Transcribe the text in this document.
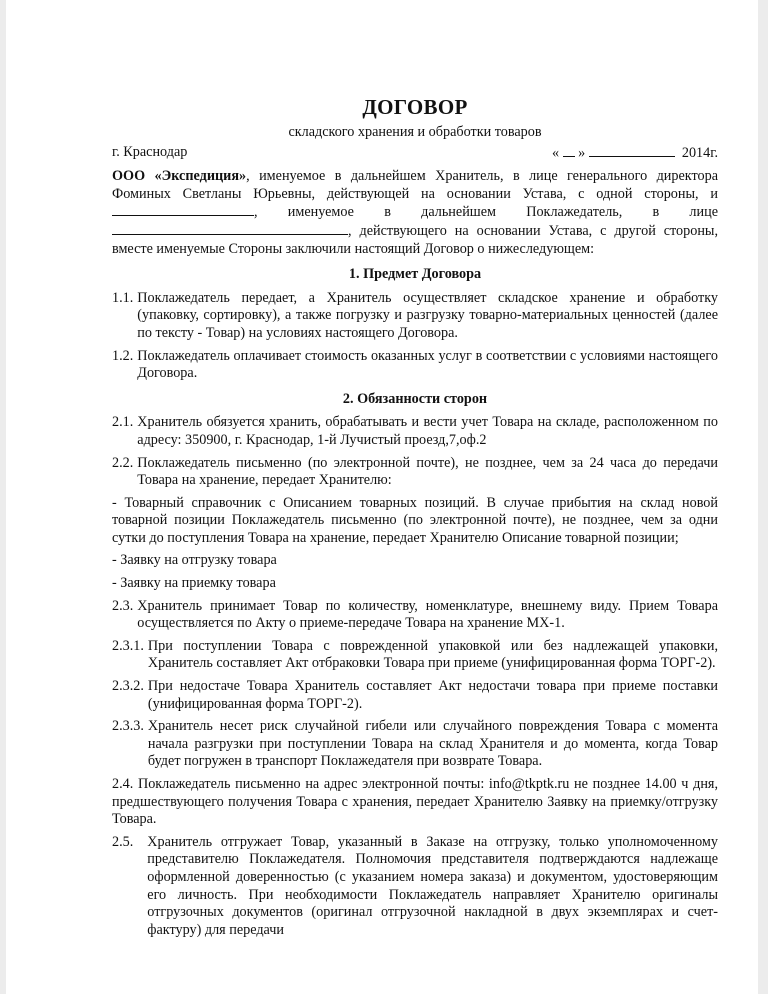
ДОГОВОР
складского хранения и обработки товаров
г. Краснодар	« »	2014г.

ООО «Экспедиция», именуемое в дальнейшем Хранитель, в лице генерального директора Фоминых Светланы Юрьевны, действующей на основании Устава, с одной стороны, и , именуемое в дальнейшем Поклажедатель, в лице , действующего на основании Устава, с другой стороны, вместе именуемые Стороны заключили настоящий Договор о нижеследующем:

1. Предмет Договора
1.1. Поклажедатель передает, а Хранитель осуществляет складское хранение и обработку (упаковку, сортировку), а также погрузку и разгрузку товарно-материальных ценностей (далее по тексту - Товар) на условиях настоящего Договора.
1.2. Поклажедатель оплачивает стоимость оказанных услуг в соответствии с условиями настоящего Договора.
2. Обязанности сторон
2.1. Хранитель обязуется хранить, обрабатывать и вести учет Товара на складе, расположенном по адресу: 350900, г. Краснодар, 1-й Лучистый проезд,7,оф.2
2.2. Поклажедатель письменно (по электронной почте), не позднее, чем за 24 часа до передачи Товара на хранение, передает Хранителю:

- Товарный справочник с Описанием товарных позиций. В случае прибытия на склад новой товарной позиции Поклажедатель письменно (по электронной почте), не позднее, чем за одни сутки до поступления Товара на хранение, передает Хранителю Описание товарной позиции;

- Заявку на отгрузку товара

- Заявку на приемку товара

2.3. Хранитель принимает Товар по количеству, номенклатуре, внешнему виду. Прием Товара осуществляется по Акту о приеме-передаче Товара на хранение МХ-1.
2.3.1. При поступлении Товара с поврежденной упаковкой или без надлежащей упаковки, Хранитель составляет Акт отбраковки Товара при приеме (унифицированная форма ТОРГ-2).
2.3.2. При недостаче Товара Хранитель составляет Акт недостачи товара при приеме поставки (унифицированная форма ТОРГ-2).
2.3.3. Хранитель несет риск случайной гибели или случайного повреждения Товара с момента начала разгрузки при поступлении Товара на склад Хранителя и до момента, когда Товар будет погружен в транспорт Поклажедателя при возврате Товара.

2.4. Поклажедатель письменно на адрес электронной почты: info@tkptk.ru не позднее 14.00 ч дня, предшествующего получения Товара с хранения, передает Хранителю Заявку на приемку/отгрузку Товара.

2.5. Хранитель отгружает Товар, указанный в Заказе на отгрузку, только уполномоченному представителю Поклажедателя. Полномочия представителя подтверждаются надлежаще оформленной доверенностью (с указанием номера заказа) и документом, удостоверяющим его личность. При необходимости Поклажедатель направляет Хранителю оригиналы отгрузочных документов (оригинал отгрузочной накладной в двух экземплярах и счет-фактуру) для передачи
